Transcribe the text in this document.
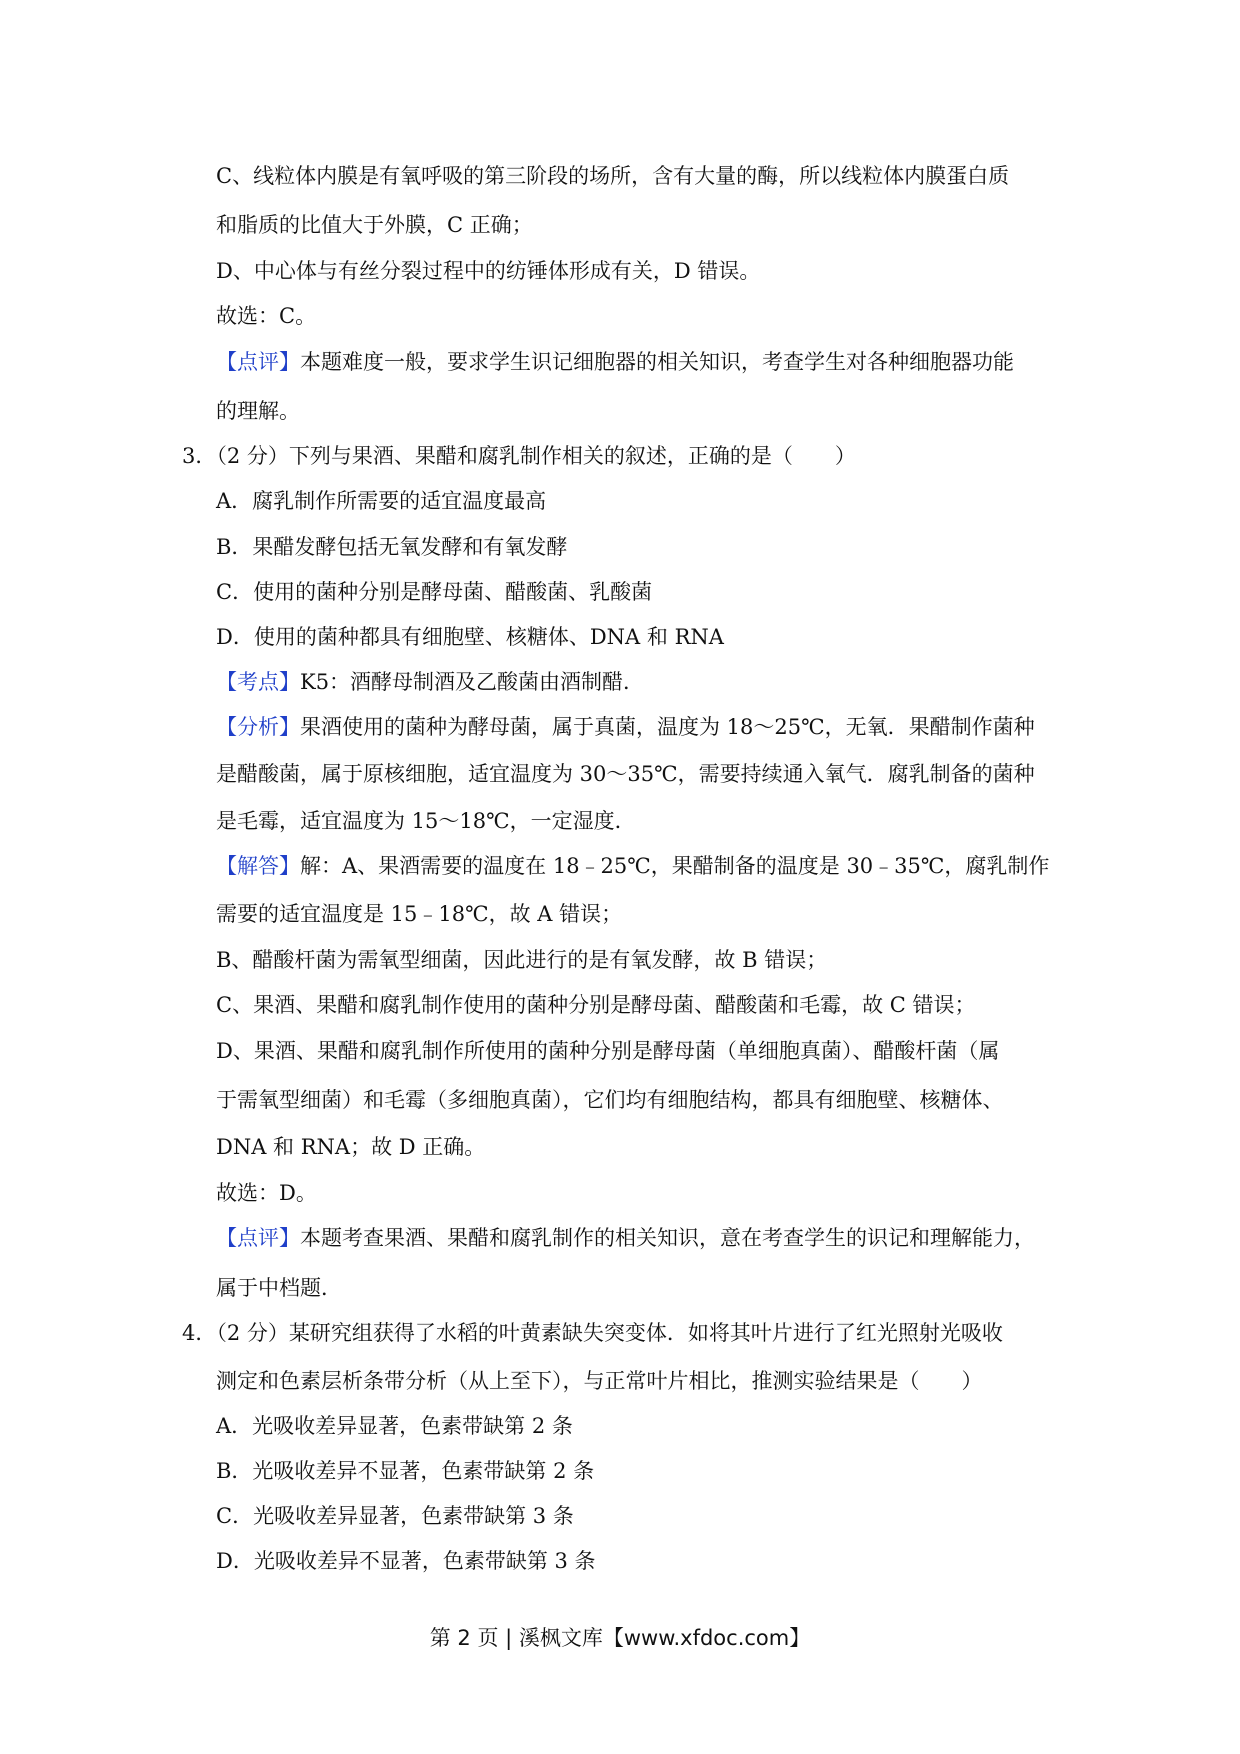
C、线粒体内膜是有氧呼吸的第三阶段的场所，含有大量的酶，所以线粒体内膜蛋白质
和脂质的比值大于外膜，C 正确；
D、中心体与有丝分裂过程中的纺锤体形成有关，D 错误。
故选：C。
【点评】本题难度一般，要求学生识记细胞器的相关知识，考查学生对各种细胞器功能
的理解。
3．（2 分）下列与果酒、果醋和腐乳制作相关的叙述，正确的是（　　）
A．腐乳制作所需要的适宜温度最高
B．果醋发酵包括无氧发酵和有氧发酵
C．使用的菌种分别是酵母菌、醋酸菌、乳酸菌
D．使用的菌种都具有细胞壁、核糖体、DNA 和 RNA
【考点】K5：酒酵母制酒及乙酸菌由酒制醋．
【分析】果酒使用的菌种为酵母菌，属于真菌，温度为 18～25℃，无氧．果醋制作菌种
是醋酸菌，属于原核细胞，适宜温度为 30～35℃，需要持续通入氧气．腐乳制备的菌种
是毛霉，适宜温度为 15～18℃，一定湿度．
【解答】解：A、果酒需要的温度在 18﹣25℃，果醋制备的温度是 30﹣35℃，腐乳制作
需要的适宜温度是 15﹣18℃，故 A 错误；
B、醋酸杆菌为需氧型细菌，因此进行的是有氧发酵，故 B 错误；
C、果酒、果醋和腐乳制作使用的菌种分别是酵母菌、醋酸菌和毛霉，故 C 错误；
D、果酒、果醋和腐乳制作所使用的菌种分别是酵母菌（单细胞真菌）、醋酸杆菌（属
于需氧型细菌）和毛霉（多细胞真菌），它们均有细胞结构，都具有细胞壁、核糖体、
DNA 和 RNA；故 D 正确。
故选：D。
【点评】本题考查果酒、果醋和腐乳制作的相关知识，意在考查学生的识记和理解能力，
属于中档题．
4．（2 分）某研究组获得了水稻的叶黄素缺失突变体．如将其叶片进行了红光照射光吸收
测定和色素层析条带分析（从上至下），与正常叶片相比，推测实验结果是（　　）
A．光吸收差异显著，色素带缺第 2 条
B．光吸收差异不显著，色素带缺第 2 条
C．光吸收差异显著，色素带缺第 3 条
D．光吸收差异不显著，色素带缺第 3 条
第 2 页 | 溪枫文库【www.xfdoc.com】
